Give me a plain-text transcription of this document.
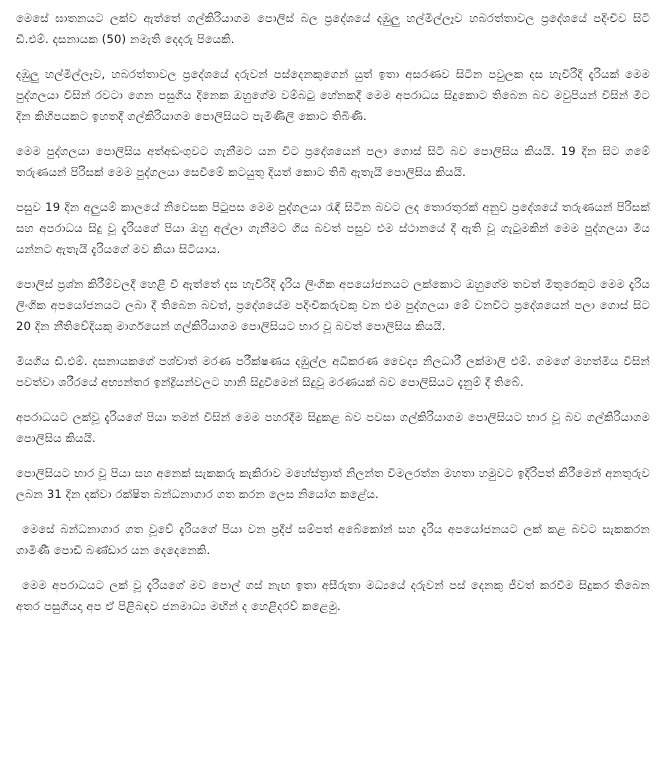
මෙසේ ඝාතනයට ලක්ව ඇත්තේ ගල්කිරියාගම පොලිස් බල ප්‍රදේශයේ දඹුලු හල්මිල්ලෑව හබරත්තාවල ප්‍රදේශයේ පදිංචිව සිටි ඩී.එම්. දසනායක (50) නමැති දෙදරු පියෙකි.

දඹුලු හල්මිල්ලෑව, හබරත්තාවල ප්‍රදේශයේ දරුවන් පස්දෙනකුගෙන් යුත් ඉතා අසරණව සිටින පවුලක දස හැවිරිදි දැරියක් මෙම පුද්ගලයා විසින් රවටා ගෙන පසුගිය දිනෙක ඔහුගේම වම්බටු හේනකදී මෙම අපරාධය සිදුකොට තිබෙන බව මවුපියන් විසින් මීට දින කිහිපයකට ඉහතදී ගල්කිරියාගම පොලිසියට පැමිණිලි කොට තිබිණි.

මෙම පුද්ගලයා පොලිසිය අත්අඩංගුවට ගැනීමට යන විට ප්‍රදේශයෙන් පලා ගොස් සිටි බව පොලිසිය කියයි. 19 දින සිට ගමේ තරුණයන් පිරිසක් මෙම පුද්ගලයා සෙවීමේ කටයුතු දියත් කොට තිබී ඇතැයි පොලිසිය කියයි.

පසුව 19 දින අලුයම් කාලයේ නිවෙසක පිටුපස මෙම පුද්ගලයා රැඳී සිටින බවට ලද තොරතුරක් අනුව ප්‍රදේශයේ තරුණයන් පිරිසක් සහ අපරාධය සිදු වූ දැරියගේ පියා ඔහු අල්ලා ගැනීමට ගිය බවත් පසුව එම ස්ථානයේ දී ඇති වූ ගැටුමකින් මෙම පුද්ගලයා මිය යන්නට ඇතැයි දැරියගේ මව කියා සිටියාය.

පොලිස් ප්‍රශ්න කිරීම්වලදී හෙළි වී ඇත්තේ දස හැවිරිදි දැරිය ලිංගික අපයෝජනයට ලක්කොට ඔහුගේම තවත් මිතුරෙකුට මෙම දැරිය ලිංගික අපයෝජනයට ලබා දී තිබෙන බවත්, ප්‍රදේශයේම පදිංචිකරුවකු වන එම පුද්ගලයා මේ වනවිට ප්‍රදේශයෙන් පලා ගොස් සිට 20 දින නීතිවේදියකු මාර්ගයෙන් ගල්කිරියාගම පොලිසියට භාර වූ බවත් පොලිසිය කියයි.

මියගිය ඩී.එම්. දසනායකගේ පශ්චාත් මරණ පරීක්ෂණය දඹුල්ල අධිකරණ වෛද්‍ය නිලධාරී ලක්මාලි එම්. ගමගේ මහත්මිය විසින් පවත්වා ශරීරයේ අභ්‍යන්තර ඉන්ද්‍රියන්වලට හානි සිදුවීමෙන් සිදුවූ මරණයක් බව පොලිසියට දැනුම් දී තිබේ.

අපරාධයට ලක්වූ දැරියගේ පියා තමන් විසින් මෙම පහරදීම සිදුකළ බව පවසා ගල්කිරියාගම පොලිසියට භාර වූ බව ගල්කිරියාගම පොලිසිය කියයි.

පොලිසියට භාර වූ පියා සහ අනෙක් සැකකරු කැකිරාව මහේස්ත්‍රාත් නිලන්ත විමලරත්න මහතා හමුවට ඉදිරිපත් කිරීමෙන් අනතුරුව ලබන 31 දින දක්වා රක්ෂිත බන්ධනාගාර ගත කරන ලෙස නියෝග කළේය.

මෙසේ බන්ධනාගාර ගත වූවේ දැරියගේ පියා වන ප්‍රදීප් සම්පත් අබේකෝන් සහ දැරිය අපයෝජනයට ලක් කළ බවට සැකකරන ගාමිණී පොඩි බණ්ඩාර යන දෙදෙනෙකි.

මෙම අපරාධයට ලක් වූ දැරියගේ මව පොල් ගස් නැඟ ඉතා අසීරුතා මධ්‍යයේ දරුවන් පස් දෙනකු ජීවත් කරවීම සිදුකර තිබෙන අතර පසුගියදා අප ඒ පිළිබඳව ජනමාධ්‍ය මඟින් ද හෙළිදරව් කළෙමු.
